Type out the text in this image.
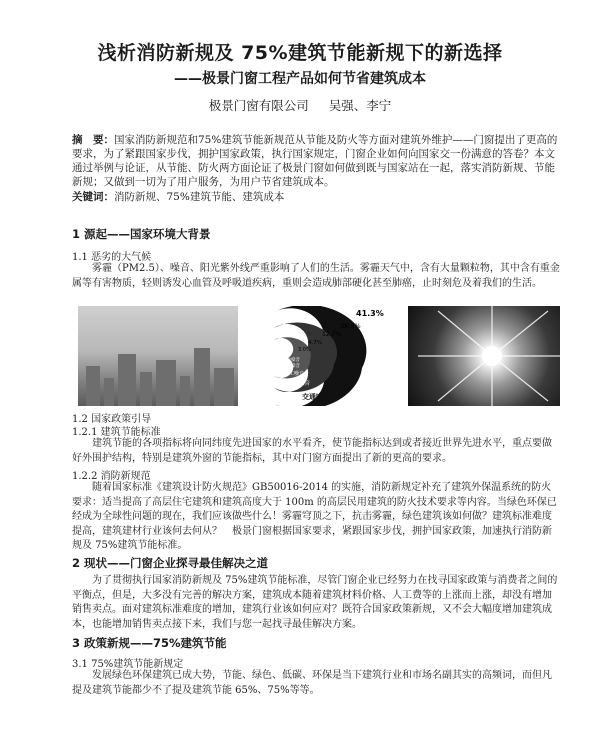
浅析消防新规及 75%建筑节能新规下的新选择
——极景门窗工程产品如何节省建筑成本
极景门窗有限公司 吴强、李宁
摘　要：国家消防新规范和75%建筑节能新规范从节能及防火等方面对建筑外维护——门窗提出了更高的要求，为了紧跟国家步伐，拥护国家政策，执行国家规定，门窗企业如何向国家交一份满意的答卷？本文通过举例与论证，从节能、防火两方面论证了极景门窗如何做到既与国家站在一起，落实消防新规、节能新规；又做到一切为了用户服务，为用户节省建筑成本。
关键词：消防新规、75%建筑节能、建筑成本
1 源起——国家环境大背景
1.1 恶劣的大气候
雾霾（PM2.5）、噪音、阳光紫外线严重影响了人们的生活。雾霾天气中，含有大量颗粒物，其中含有重金属等有害物质，轻则诱发心血管及呼吸道疾病，重则会造成肺部硬化甚至肺癌，止时刻危及着我们的生活。
41.3%
38.3%
12.7%
4.7%
3.0%
社会噪音
工业噪音
施工噪音
生活噪音
交通噪音
1.2 国家政策引导
1.2.1 建筑节能标准
建筑节能的各项指标将向同纬度先进国家的水平看齐，使节能指标达到或者接近世界先进水平，重点要做好外围护结构，特别是建筑外窗的节能指标，其中对门窗方面提出了新的更高的要求。
1.2.2 消防新规范
随着国家标准《建筑设计防火规范》GB50016-2014 的实施，消防新规定补充了建筑外保温系统的防火要求：适当提高了高层住宅建筑和建筑高度大于 100m 的高层民用建筑的防火技术要求等内容。当绿色环保已经成为全球性问题的现在，我们应该做些什么！雾霾穹顶之下，抗击雾霾，绿色建筑该如何做？建筑标准难度提高，建筑建材行业该何去何从？　极景门窗根据国家要求，紧跟国家步伐，拥护国家政策，加速执行消防新规及 75%建筑节能标准。
2 现状——门窗企业探寻最佳解决之道
为了贯彻执行国家消防新规及 75%建筑节能标准，尽管门窗企业已经努力在找寻国家政策与消费者之间的平衡点，但是，大多没有完善的解决方案，建筑成本随着建筑材料价格、人工费等的上涨而上涨，却没有增加销售卖点。面对建筑标准难度的增加，建筑行业该如何应对？既符合国家政策新规，又不会大幅度增加建筑成本，也能增加销售卖点接下来，我们与您一起找寻最佳解决方案。
3 政策新规——75%建筑节能
3.1 75%建筑节能新规定
发展绿色环保建筑已成大势，节能、绿色、低碳、环保是当下建筑行业和市场名副其实的高频词，而但凡提及建筑节能都少不了提及建筑节能 65%、75%等等。
